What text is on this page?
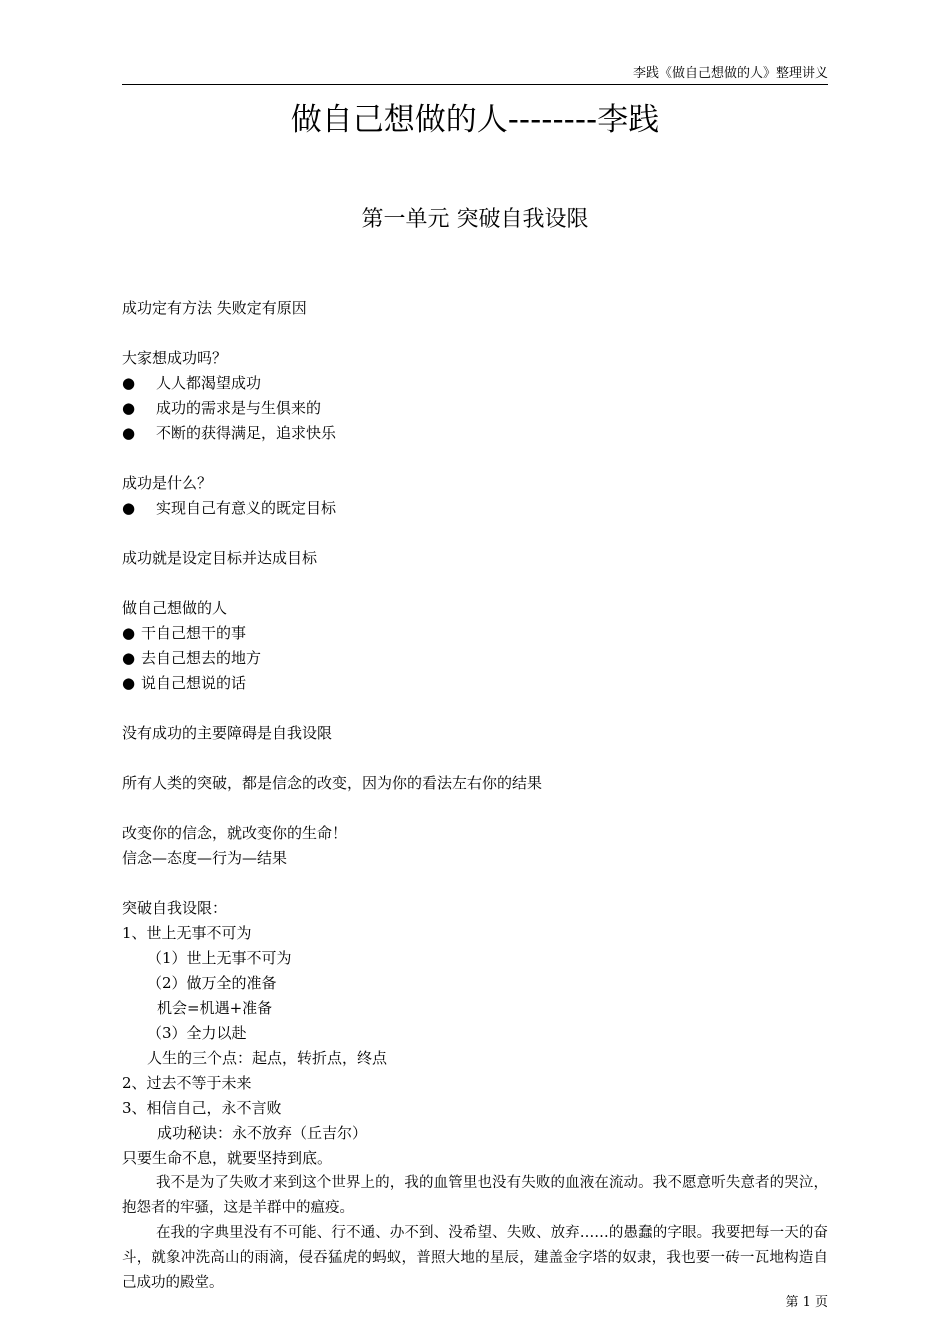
李践《做自己想做的人》整理讲义
做自己想做的人--------李践
第一单元 突破自我设限

成功定有方法 失败定有原因

大家想成功吗？

● 人人都渴望成功

● 成功的需求是与生俱来的

● 不断的获得满足，追求快乐

成功是什么？

● 实现自己有意义的既定目标

成功就是设定目标并达成目标

做自己想做的人

● 干自己想干的事

● 去自己想去的地方

● 说自己想说的话

没有成功的主要障碍是自我设限

所有人类的突破，都是信念的改变，因为你的看法左右你的结果

改变你的信念，就改变你的生命！

信念—态度—行为—结果

突破自我设限：

1、世上无事不可为

（1）世上无事不可为

（2）做万全的准备

机会=机遇+准备

（3）全力以赴

人生的三个点：起点，转折点，终点

2、过去不等于未来

3、相信自己，永不言败

成功秘诀：永不放弃（丘吉尔）

只要生命不息，就要坚持到底。

我不是为了失败才来到这个世界上的，我的血管里也没有失败的血液在流动。我不愿意听失意者的哭泣，抱怨者的牢骚，这是羊群中的瘟疫。

在我的字典里没有不可能、行不通、办不到、没希望、失败、放弃……的愚蠢的字眼。我要把每一天的奋斗，就象冲洗高山的雨滴，侵吞猛虎的蚂蚁，普照大地的星辰，建盖金字塔的奴隶，我也要一砖一瓦地构造自己成功的殿堂。

第 1 页
